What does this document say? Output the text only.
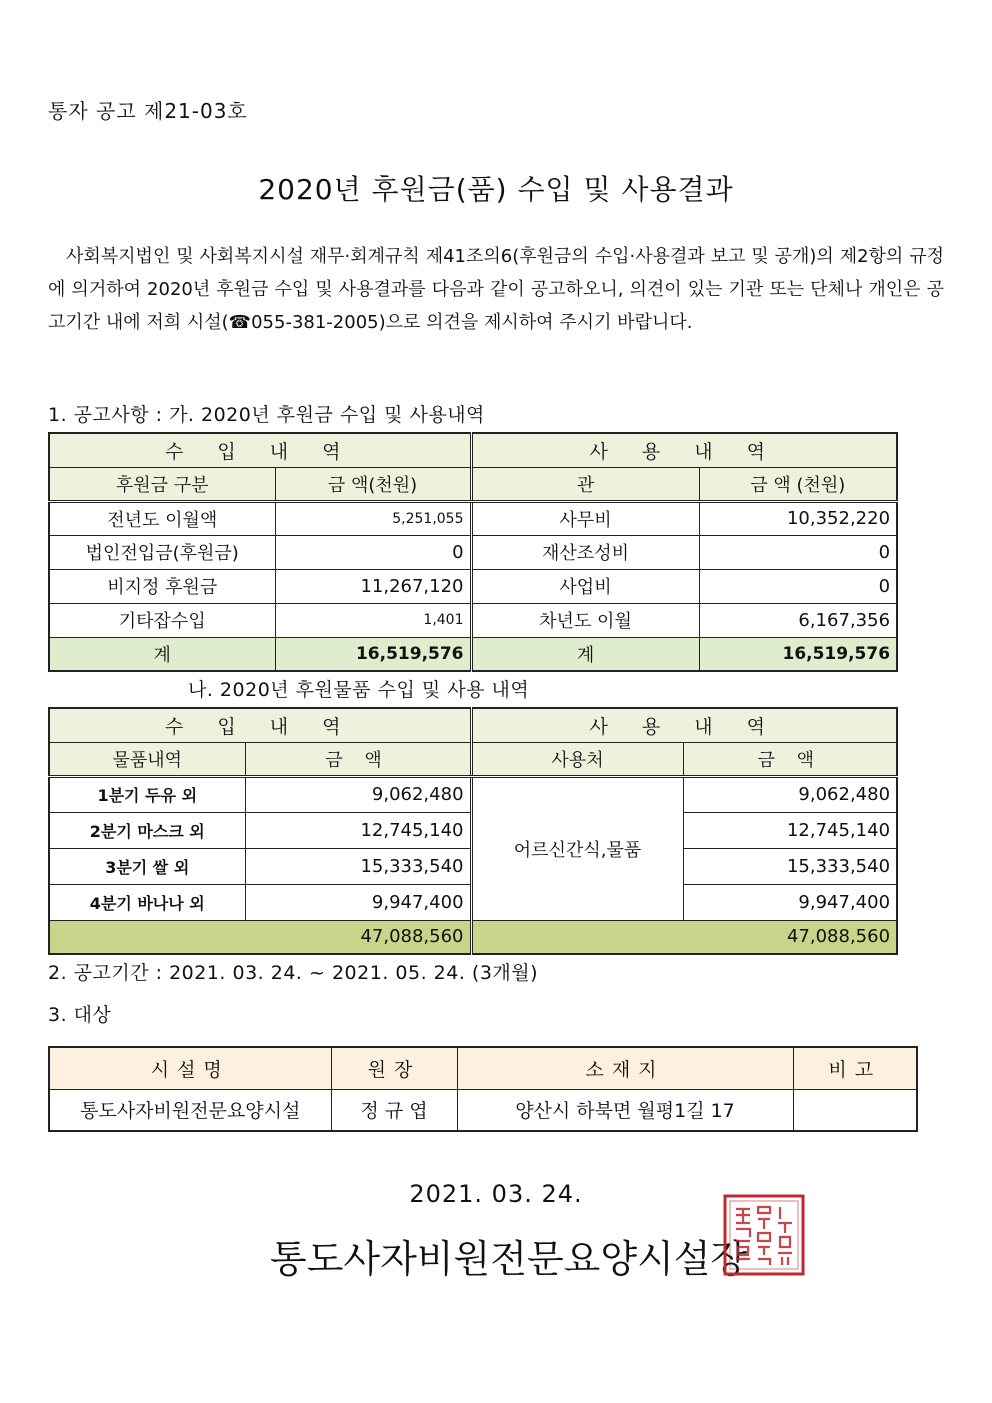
통자 공고 제21-03호
2020년 후원금(품) 수입 및 사용결과
사회복지법인 및 사회복지시설 재무·회계규칙 제41조의6(후원금의 수입·사용결과 보고 및 공개)의 제2항의 규정에 의거하여 2020년 후원금 수입 및 사용결과를 다음과 같이 공고하오니, 의견이 있는 기관 또는 단체나 개인은 공고기간 내에 저희 시설(☎055-381-2005)으로 의견을 제시하여 주시기 바랍니다.
1. 공고사항 : 가. 2020년 후원금 수입 및 사용내역
수 입 내 역		사 용 내 역	
후원금 구분	금 액(천원)	관	금 액 (천원)
전년도 이월액	5,251,055	사무비	10,352,220
법인전입금(후원금)	0	재산조성비	0
비지정 후원금	11,267,120	사업비	0
기타잡수입	1,401	차년도 이월	6,167,356
계	16,519,576	계	16,519,576
나. 2020년 후원물품 수입 및 사용 내역
수 입 내 역		사 용 내 역	
물품내역	금 액	사용처	금 액
1분기 두유 외	9,062,480	어르신간식,물품	9,062,480
2분기 마스크 외	12,745,140		12,745,140
3분기 쌀 외	15,333,540		15,333,540
4분기 바나나 외	9,947,400		9,947,400
47,088,560		47,088,560	
2. 공고기간 : 2021. 03. 24. ~ 2021. 05. 24. (3개월)
3. 대상
시설명	원장	소재지	비고
통도사자비원전문요양시설	정 규 엽	양산시 하북면 월평1길 17	
2021. 03. 24.
통도사자비원전문요양시설장
